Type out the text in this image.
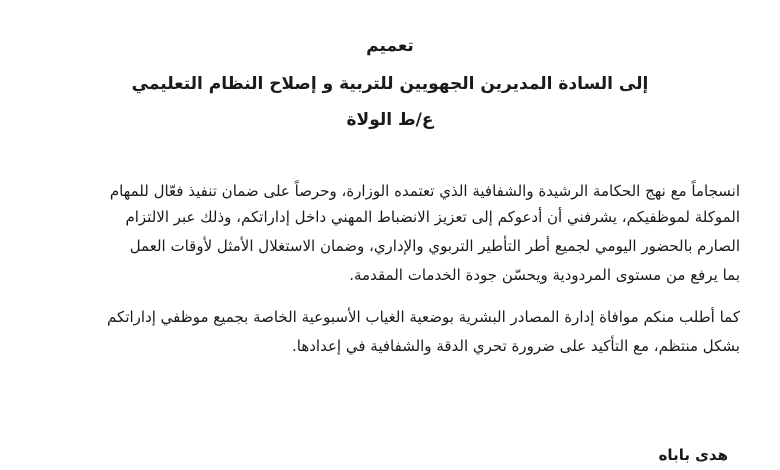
تعميم
إلى السادة المديرين الجهويين للتربية و إصلاح النظام التعليمي
ع/ط الولاة
انسجاماً مع نهج الحكامة الرشيدة والشفافية الذي تعتمده الوزارة، وحرصاً على ضمان تنفيذ فعّال للمهام
الموكلة لموظفيكم، يشرفني أن أدعوكم إلى تعزيز الانضباط المهني داخل إداراتكم، وذلك عبر الالتزام
الصارم بالحضور اليومي لجميع أطر التأطير التربوي والإداري، وضمان الاستغلال الأمثل لأوقات العمل
بما يرفع من مستوى المردودية ويحسّن جودة الخدمات المقدمة.
كما أطلب منكم موافاة إدارة المصادر البشرية بوضعية الغياب الأسبوعية الخاصة بجميع موظفي إداراتكم
بشكل منتظم، مع التأكيد على ضرورة تحري الدقة والشفافية في إعدادها.
هدى باباه
